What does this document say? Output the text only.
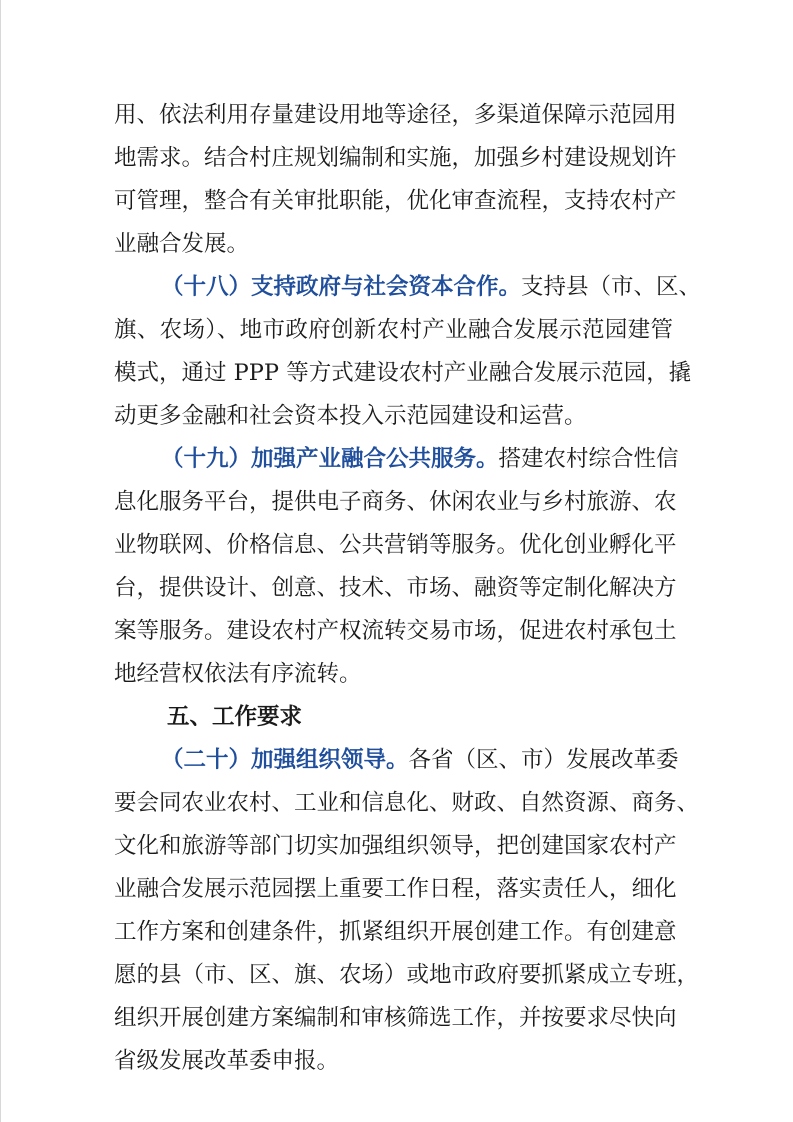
用、依法利用存量建设用地等途径，多渠道保障示范园用
地需求。结合村庄规划编制和实施，加强乡村建设规划许
可管理，整合有关审批职能，优化审查流程，支持农村产
业融合发展。
（十八）支持政府与社会资本合作。支持县（市、区、
旗、农场）、地市政府创新农村产业融合发展示范园建管
模式，通过 PPP 等方式建设农村产业融合发展示范园，撬
动更多金融和社会资本投入示范园建设和运营。
（十九）加强产业融合公共服务。搭建农村综合性信
息化服务平台，提供电子商务、休闲农业与乡村旅游、农
业物联网、价格信息、公共营销等服务。优化创业孵化平
台，提供设计、创意、技术、市场、融资等定制化解决方
案等服务。建设农村产权流转交易市场，促进农村承包土
地经营权依法有序流转。
五、工作要求
（二十）加强组织领导。各省（区、市）发展改革委
要会同农业农村、工业和信息化、财政、自然资源、商务、
文化和旅游等部门切实加强组织领导，把创建国家农村产
业融合发展示范园摆上重要工作日程，落实责任人，细化
工作方案和创建条件，抓紧组织开展创建工作。有创建意
愿的县（市、区、旗、农场）或地市政府要抓紧成立专班，
组织开展创建方案编制和审核筛选工作，并按要求尽快向
省级发展改革委申报。
